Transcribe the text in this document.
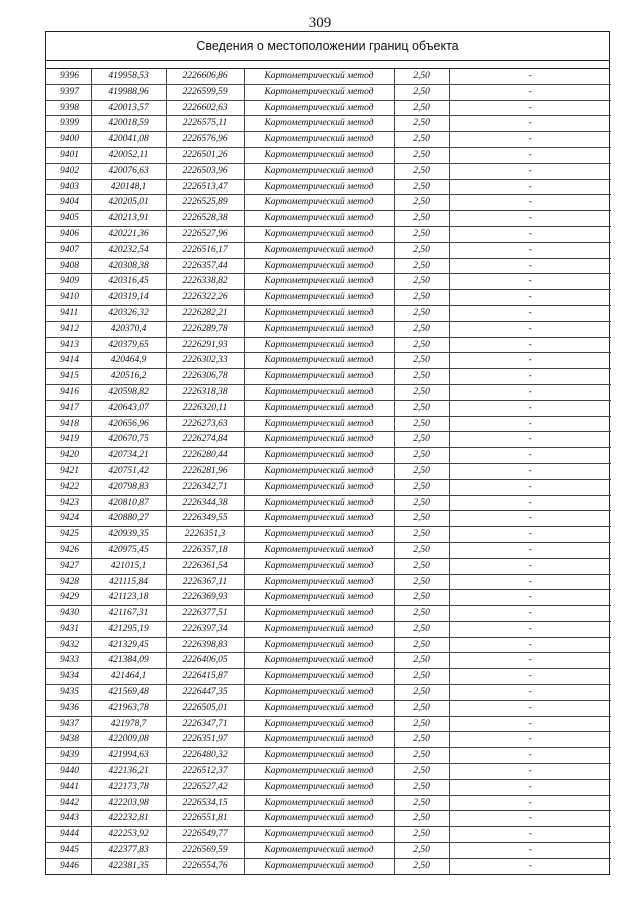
309
Сведения о местоположении границ объекта
9396	419958,53	2226606,86	Картометрический метод	2,50	-
9397	419988,96	2226599,59	Картометрический метод	2,50	-
9398	420013,57	2226602,63	Картометрический метод	2,50	-
9399	420018,59	2226575,11	Картометрический метод	2,50	-
9400	420041,08	2226576,96	Картометрический метод	2,50	-
9401	420052,11	2226501,26	Картометрический метод	2,50	-
9402	420076,63	2226503,96	Картометрический метод	2,50	-
9403	420148,1	2226513,47	Картометрический метод	2,50	-
9404	420205,01	2226525,89	Картометрический метод	2,50	-
9405	420213,91	2226528,38	Картометрический метод	2,50	-
9406	420221,36	2226527,96	Картометрический метод	2,50	-
9407	420232,54	2226516,17	Картометрический метод	2,50	-
9408	420308,38	2226357,44	Картометрический метод	2,50	-
9409	420316,45	2226338,82	Картометрический метод	2,50	-
9410	420319,14	2226322,26	Картометрический метод	2,50	-
9411	420326,32	2226282,21	Картометрический метод	2,50	-
9412	420370,4	2226289,78	Картометрический метод	2,50	-
9413	420379,65	2226291,93	Картометрический метод	2,50	-
9414	420464,9	2226302,33	Картометрический метод	2,50	-
9415	420516,2	2226306,78	Картометрический метод	2,50	-
9416	420598,82	2226318,38	Картометрический метод	2,50	-
9417	420643,07	2226320,11	Картометрический метод	2,50	-
9418	420656,96	2226273,63	Картометрический метод	2,50	-
9419	420670,75	2226274,84	Картометрический метод	2,50	-
9420	420734,21	2226280,44	Картометрический метод	2,50	-
9421	420751,42	2226281,96	Картометрический метод	2,50	-
9422	420798,83	2226342,71	Картометрический метод	2,50	-
9423	420810,87	2226344,38	Картометрический метод	2,50	-
9424	420880,27	2226349,55	Картометрический метод	2,50	-
9425	420939,35	2226351,3	Картометрический метод	2,50	-
9426	420975,45	2226357,18	Картометрический метод	2,50	-
9427	421015,1	2226361,54	Картометрический метод	2,50	-
9428	421115,84	2226367,11	Картометрический метод	2,50	-
9429	421123,18	2226369,93	Картометрический метод	2,50	-
9430	421167,31	2226377,51	Картометрический метод	2,50	-
9431	421295,19	2226397,34	Картометрический метод	2,50	-
9432	421329,45	2226398,83	Картометрический метод	2,50	-
9433	421384,09	2226406,05	Картометрический метод	2,50	-
9434	421464,1	2226415,87	Картометрический метод	2,50	-
9435	421569,48	2226447,35	Картометрический метод	2,50	-
9436	421963,78	2226505,01	Картометрический метод	2,50	-
9437	421978,7	2226347,71	Картометрический метод	2,50	-
9438	422009,08	2226351,97	Картометрический метод	2,50	-
9439	421994,63	2226480,32	Картометрический метод	2,50	-
9440	422136,21	2226512,37	Картометрический метод	2,50	-
9441	422173,78	2226527,42	Картометрический метод	2,50	-
9442	422203,98	2226534,15	Картометрический метод	2,50	-
9443	422232,81	2226551,81	Картометрический метод	2,50	-
9444	422253,92	2226549,77	Картометрический метод	2,50	-
9445	422377,83	2226569,59	Картометрический метод	2,50	-
9446	422381,35	2226554,76	Картометрический метод	2,50	-
